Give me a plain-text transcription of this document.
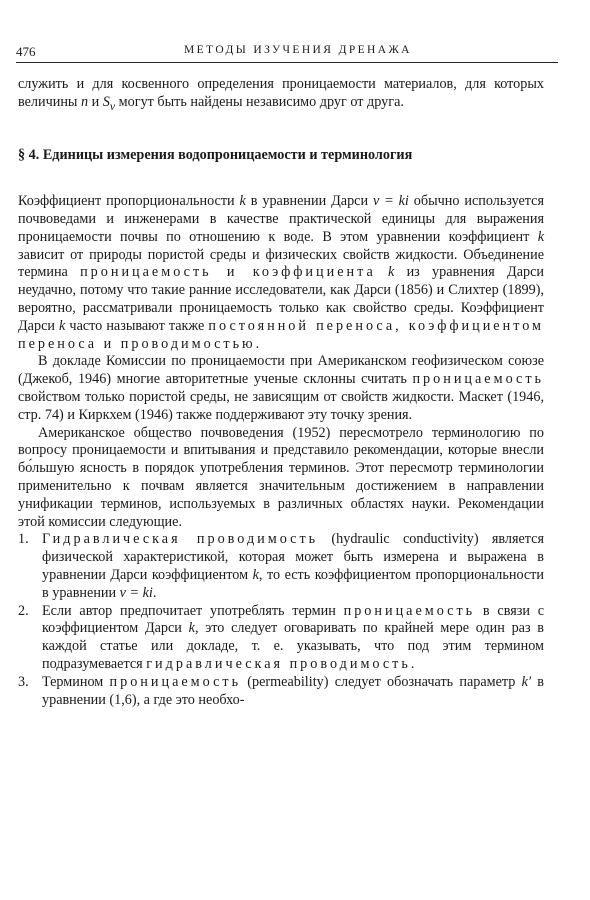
476	МЕТОДЫ ИЗУЧЕНИЯ ДРЕНАЖА

служить и для косвенного определения проницаемости материалов, для которых величины n и $S_v$ могут быть найдены независимо друг от друга.

§ 4. Единицы измерения водопроницаемости и терминология

Коэффициент пропорциональности k в уравнении Дарси v = ki обычно используется почвоведами и инженерами в качестве практической единицы для выражения проницаемости почвы по отношению к воде. В этом уравнении коэффициент k зависит от природы пористой среды и физических свойств жидкости. Объединение термина проницаемость и коэффициента k из уравнения Дарси неудачно, потому что такие ранние исследователи, как Дарси (1856) и Слихтер (1899), вероятно, рассматривали проницаемость только как свойство среды. Коэффициент Дарси k часто называют также постоянной переноса, коэффициентом переноса и проводимостью.

В докладе Комиссии по проницаемости при Американском геофизическом союзе (Джекоб, 1946) многие авторитетные ученые склонны считать проницаемость свойством только пористой среды, не зависящим от свойств жидкости. Маскет (1946, стр. 74) и Киркхем (1946) также поддерживают эту точку зрения.

Американское общество почвоведения (1952) пересмотрело терминологию по вопросу проницаемости и впитывания и представило рекомендации, которые внесли бо́льшую ясность в порядок употребления терминов. Этот пересмотр терминологии применительно к почвам является значительным достижением в направлении унификации терминов, используемых в различных областях науки. Рекомендации этой комиссии следующие.

1. Гидравлическая проводимость (hydraulic conductivity) является физической характеристикой, которая может быть измерена и выражена в уравнении Дарси коэффициентом k, то есть коэффициентом пропорциональности в уравнении v = ki.

2. Если автор предпочитает употреблять термин проницаемость в связи с коэффициентом Дарси k, это следует оговаривать по крайней мере один раз в каждой статье или докладе, т. е. указывать, что под этим термином подразумевается гидравлическая проводимость.

3. Термином проницаемость (permeability) следует обозначать параметр k′ в уравнении (1,6), а где это необхо-
